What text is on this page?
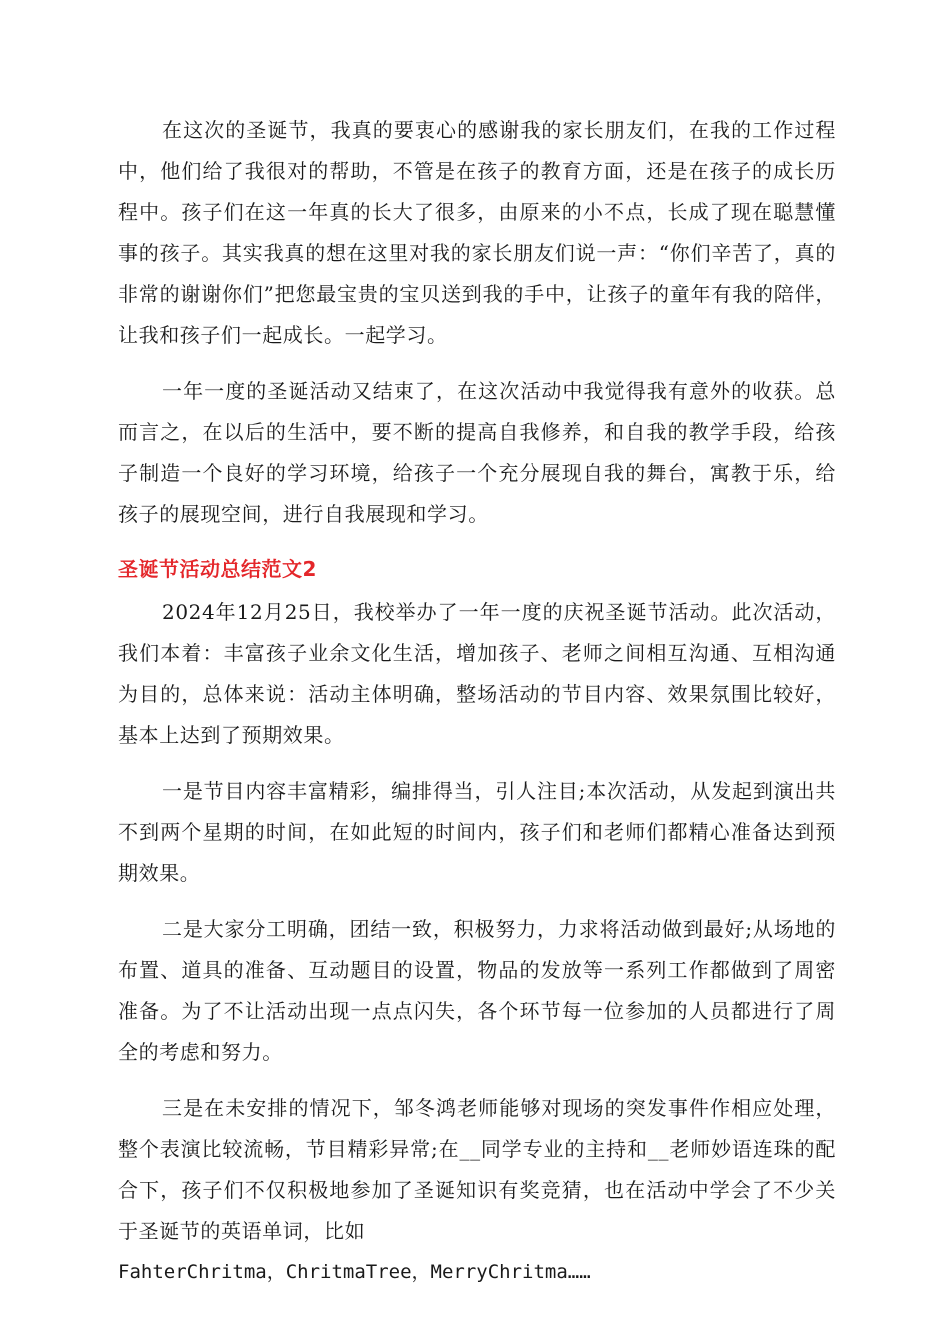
在这次的圣诞节，我真的要衷心的感谢我的家长朋友们，在我的工作过程中，他们给了我很对的帮助，不管是在孩子的教育方面，还是在孩子的成长历程中。孩子们在这一年真的长大了很多，由原来的小不点，长成了现在聪慧懂事的孩子。其实我真的想在这里对我的家长朋友们说一声：“你们辛苦了，真的非常的谢谢你们”把您最宝贵的宝贝送到我的手中，让孩子的童年有我的陪伴，让我和孩子们一起成长。一起学习。

一年一度的圣诞活动又结束了，在这次活动中我觉得我有意外的收获。总而言之，在以后的生活中，要不断的提高自我修养，和自我的教学手段，给孩子制造一个良好的学习环境，给孩子一个充分展现自我的舞台，寓教于乐，给孩子的展现空间，进行自我展现和学习。

圣诞节活动总结范文2

2024年12月25日，我校举办了一年一度的庆祝圣诞节活动。此次活动，我们本着：丰富孩子业余文化生活，增加孩子、老师之间相互沟通、互相沟通为目的，总体来说：活动主体明确，整场活动的节目内容、效果氛围比较好，基本上达到了预期效果。

一是节目内容丰富精彩，编排得当，引人注目;本次活动，从发起到演出共不到两个星期的时间，在如此短的时间内，孩子们和老师们都精心准备达到预期效果。

二是大家分工明确，团结一致，积极努力，力求将活动做到最好;从场地的布置、道具的准备、互动题目的设置，物品的发放等一系列工作都做到了周密准备。为了不让活动出现一点点闪失，各个环节每一位参加的人员都进行了周全的考虑和努力。

三是在未安排的情况下，邹冬鸿老师能够对现场的突发事件作相应处理，整个表演比较流畅，节目精彩异常;在__同学专业的主持和__老师妙语连珠的配合下，孩子们不仅积极地参加了圣诞知识有奖竞猜，也在活动中学会了不少关于圣诞节的英语单词，比如

FahterChritma，ChritmaTree，MerryChritma……
